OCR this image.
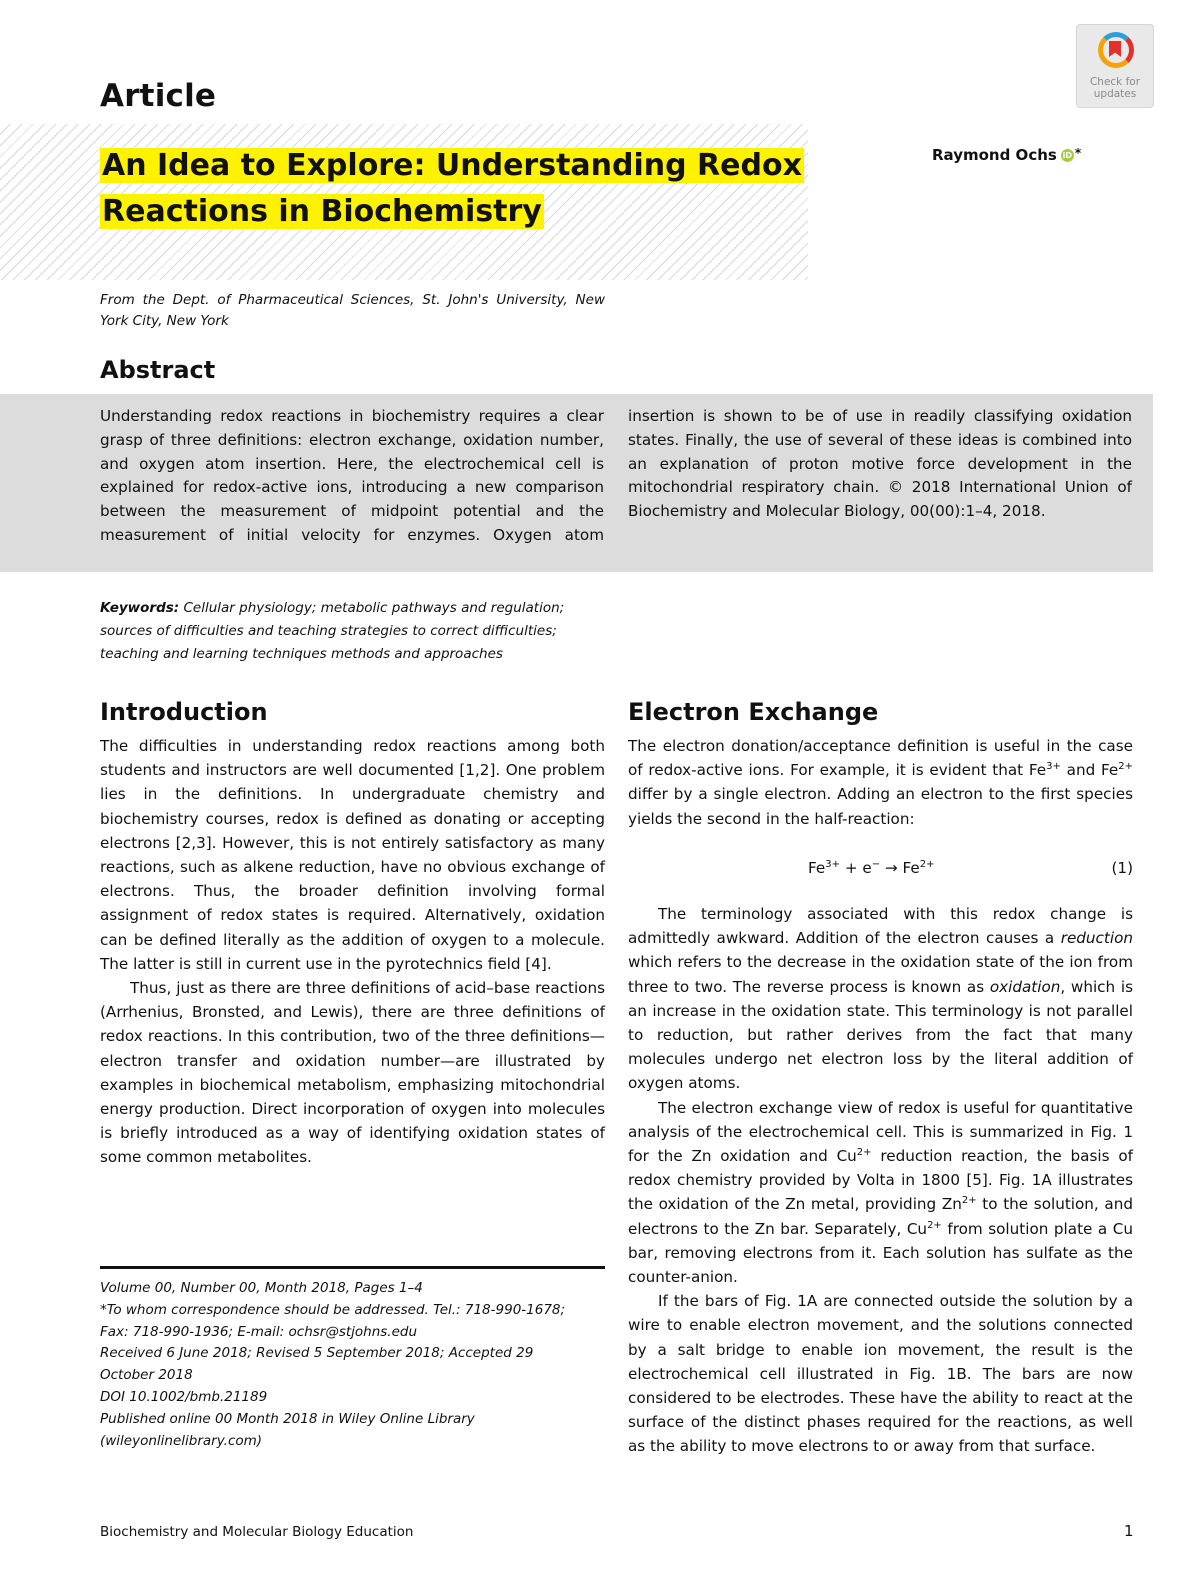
Check for updates
Article
An Idea to Explore: Understanding Redox Reactions in Biochemistry
Raymond Ochs iD *
From the Dept. of Pharmaceutical Sciences, St. John's University, New York City, New York
Abstract
Understanding redox reactions in biochemistry requires a clear grasp of three definitions: electron exchange, oxidation number, and oxygen atom insertion. Here, the electrochemical cell is explained for redox-active ions, introducing a new comparison between the measurement of midpoint potential and the measurement of initial velocity for enzymes. Oxygen atom insertion is shown to be of use in readily classifying oxidation states. Finally, the use of several of these ideas is combined into an explanation of proton motive force development in the mitochondrial respiratory chain. © 2018 International Union of Biochemistry and Molecular Biology, 00(00):1–4, 2018.
Keywords: Cellular physiology; metabolic pathways and regulation; sources of difficulties and teaching strategies to correct difficulties; teaching and learning techniques methods and approaches
Introduction

The difficulties in understanding redox reactions among both students and instructors are well documented [1,2]. One problem lies in the definitions. In undergraduate chemistry and biochemistry courses, redox is defined as donating or accepting electrons [2,3]. However, this is not entirely satisfactory as many reactions, such as alkene reduction, have no obvious exchange of electrons. Thus, the broader definition involving formal assignment of redox states is required. Alternatively, oxidation can be defined literally as the addition of oxygen to a molecule. The latter is still in current use in the pyrotechnics field [4].

Thus, just as there are three definitions of acid–base reactions (Arrhenius, Bronsted, and Lewis), there are three definitions of redox reactions. In this contribution, two of the three definitions—electron transfer and oxidation number—are illustrated by examples in biochemical metabolism, emphasizing mitochondrial energy production. Direct incorporation of oxygen into molecules is briefly introduced as a way of identifying oxidation states of some common metabolites.

Electron Exchange

The electron donation/acceptance definition is useful in the case of redox-active ions. For example, it is evident that $Fe^{3+}$ and $Fe^{2+}$ differ by a single electron. Adding an electron to the first species yields the second in the half-reaction:

$Fe^{3+} + e^- \to Fe^{2+}$	(1)

The terminology associated with this redox change is admittedly awkward. Addition of the electron causes a reduction which refers to the decrease in the oxidation state of the ion from three to two. The reverse process is known as oxidation, which is an increase in the oxidation state. This terminology is not parallel to reduction, but rather derives from the fact that many molecules undergo net electron loss by the literal addition of oxygen atoms.

The electron exchange view of redox is useful for quantitative analysis of the electrochemical cell. This is summarized in Fig. 1 for the Zn oxidation and $Cu^{2+}$ reduction reaction, the basis of redox chemistry provided by Volta in 1800 [5]. Fig. 1A illustrates the oxidation of the Zn metal, providing $Zn^{2+}$ to the solution, and electrons to the Zn bar. Separately, $Cu^{2+}$ from solution plate a Cu bar, removing electrons from it. Each solution has sulfate as the counter-anion.

If the bars of Fig. 1A are connected outside the solution by a wire to enable electron movement, and the solutions connected by a salt bridge to enable ion movement, the result is the electrochemical cell illustrated in Fig. 1B. The bars are now considered to be electrodes. These have the ability to react at the surface of the distinct phases required for the reactions, as well as the ability to move electrons to or away from that surface.

Volume 00, Number 00, Month 2018, Pages 1–4
*To whom correspondence should be addressed. Tel.: 718-990-1678; Fax: 718-990-1936; E-mail: ochsr@stjohns.edu
Received 6 June 2018; Revised 5 September 2018; Accepted 29 October 2018
DOI 10.1002/bmb.21189
Published online 00 Month 2018 in Wiley Online Library (wileyonlinelibrary.com)
Biochemistry and Molecular Biology Education	1
